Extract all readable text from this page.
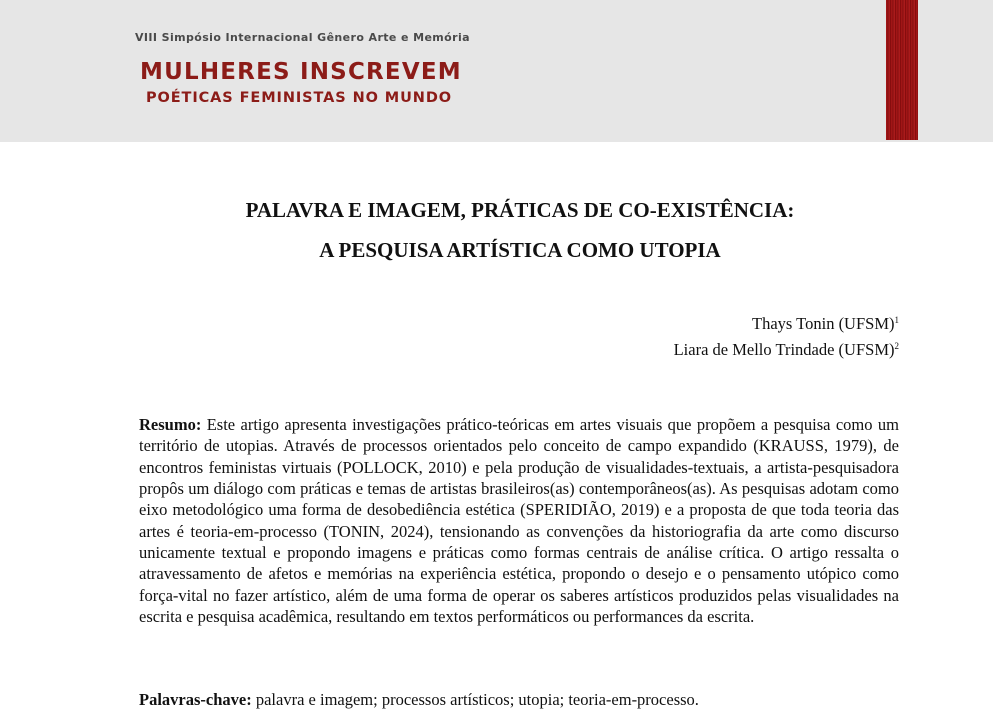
VIII Simpósio Internacional Gênero Arte e Memória
MULHERES INSCREVEM
POÉTICAS FEMINISTAS NO MUNDO
PALAVRA E IMAGEM, PRÁTICAS DE CO-EXISTÊNCIA:
A PESQUISA ARTÍSTICA COMO UTOPIA
Thays Tonin (UFSM)$^1$
Liara de Mello Trindade (UFSM)$^2$

Resumo: Este artigo apresenta investigações prático-teóricas em artes visuais que propõem a pesquisa como um território de utopias. Através de processos orientados pelo conceito de campo expandido (KRAUSS, 1979), de encontros feministas virtuais (POLLOCK, 2010) e pela produção de visualidades-textuais, a artista-pesquisadora propôs um diálogo com práticas e temas de artistas brasileiros(as) contemporâneos(as). As pesquisas adotam como eixo metodológico uma forma de desobediência estética (SPERIDIÃO, 2019) e a proposta de que toda teoria das artes é teoria-em-processo (TONIN, 2024), tensionando as convenções da historiografia da arte como discurso unicamente textual e propondo imagens e práticas como formas centrais de análise crítica. O artigo ressalta o atravessamento de afetos e memórias na experiência estética, propondo o desejo e o pensamento utópico como força-vital no fazer artístico, além de uma forma de operar os saberes artísticos produzidos pelas visualidades na escrita e pesquisa acadêmica, resultando em textos performáticos ou performances da escrita.

Palavras-chave: palavra e imagem; processos artísticos; utopia; teoria-em-processo.
